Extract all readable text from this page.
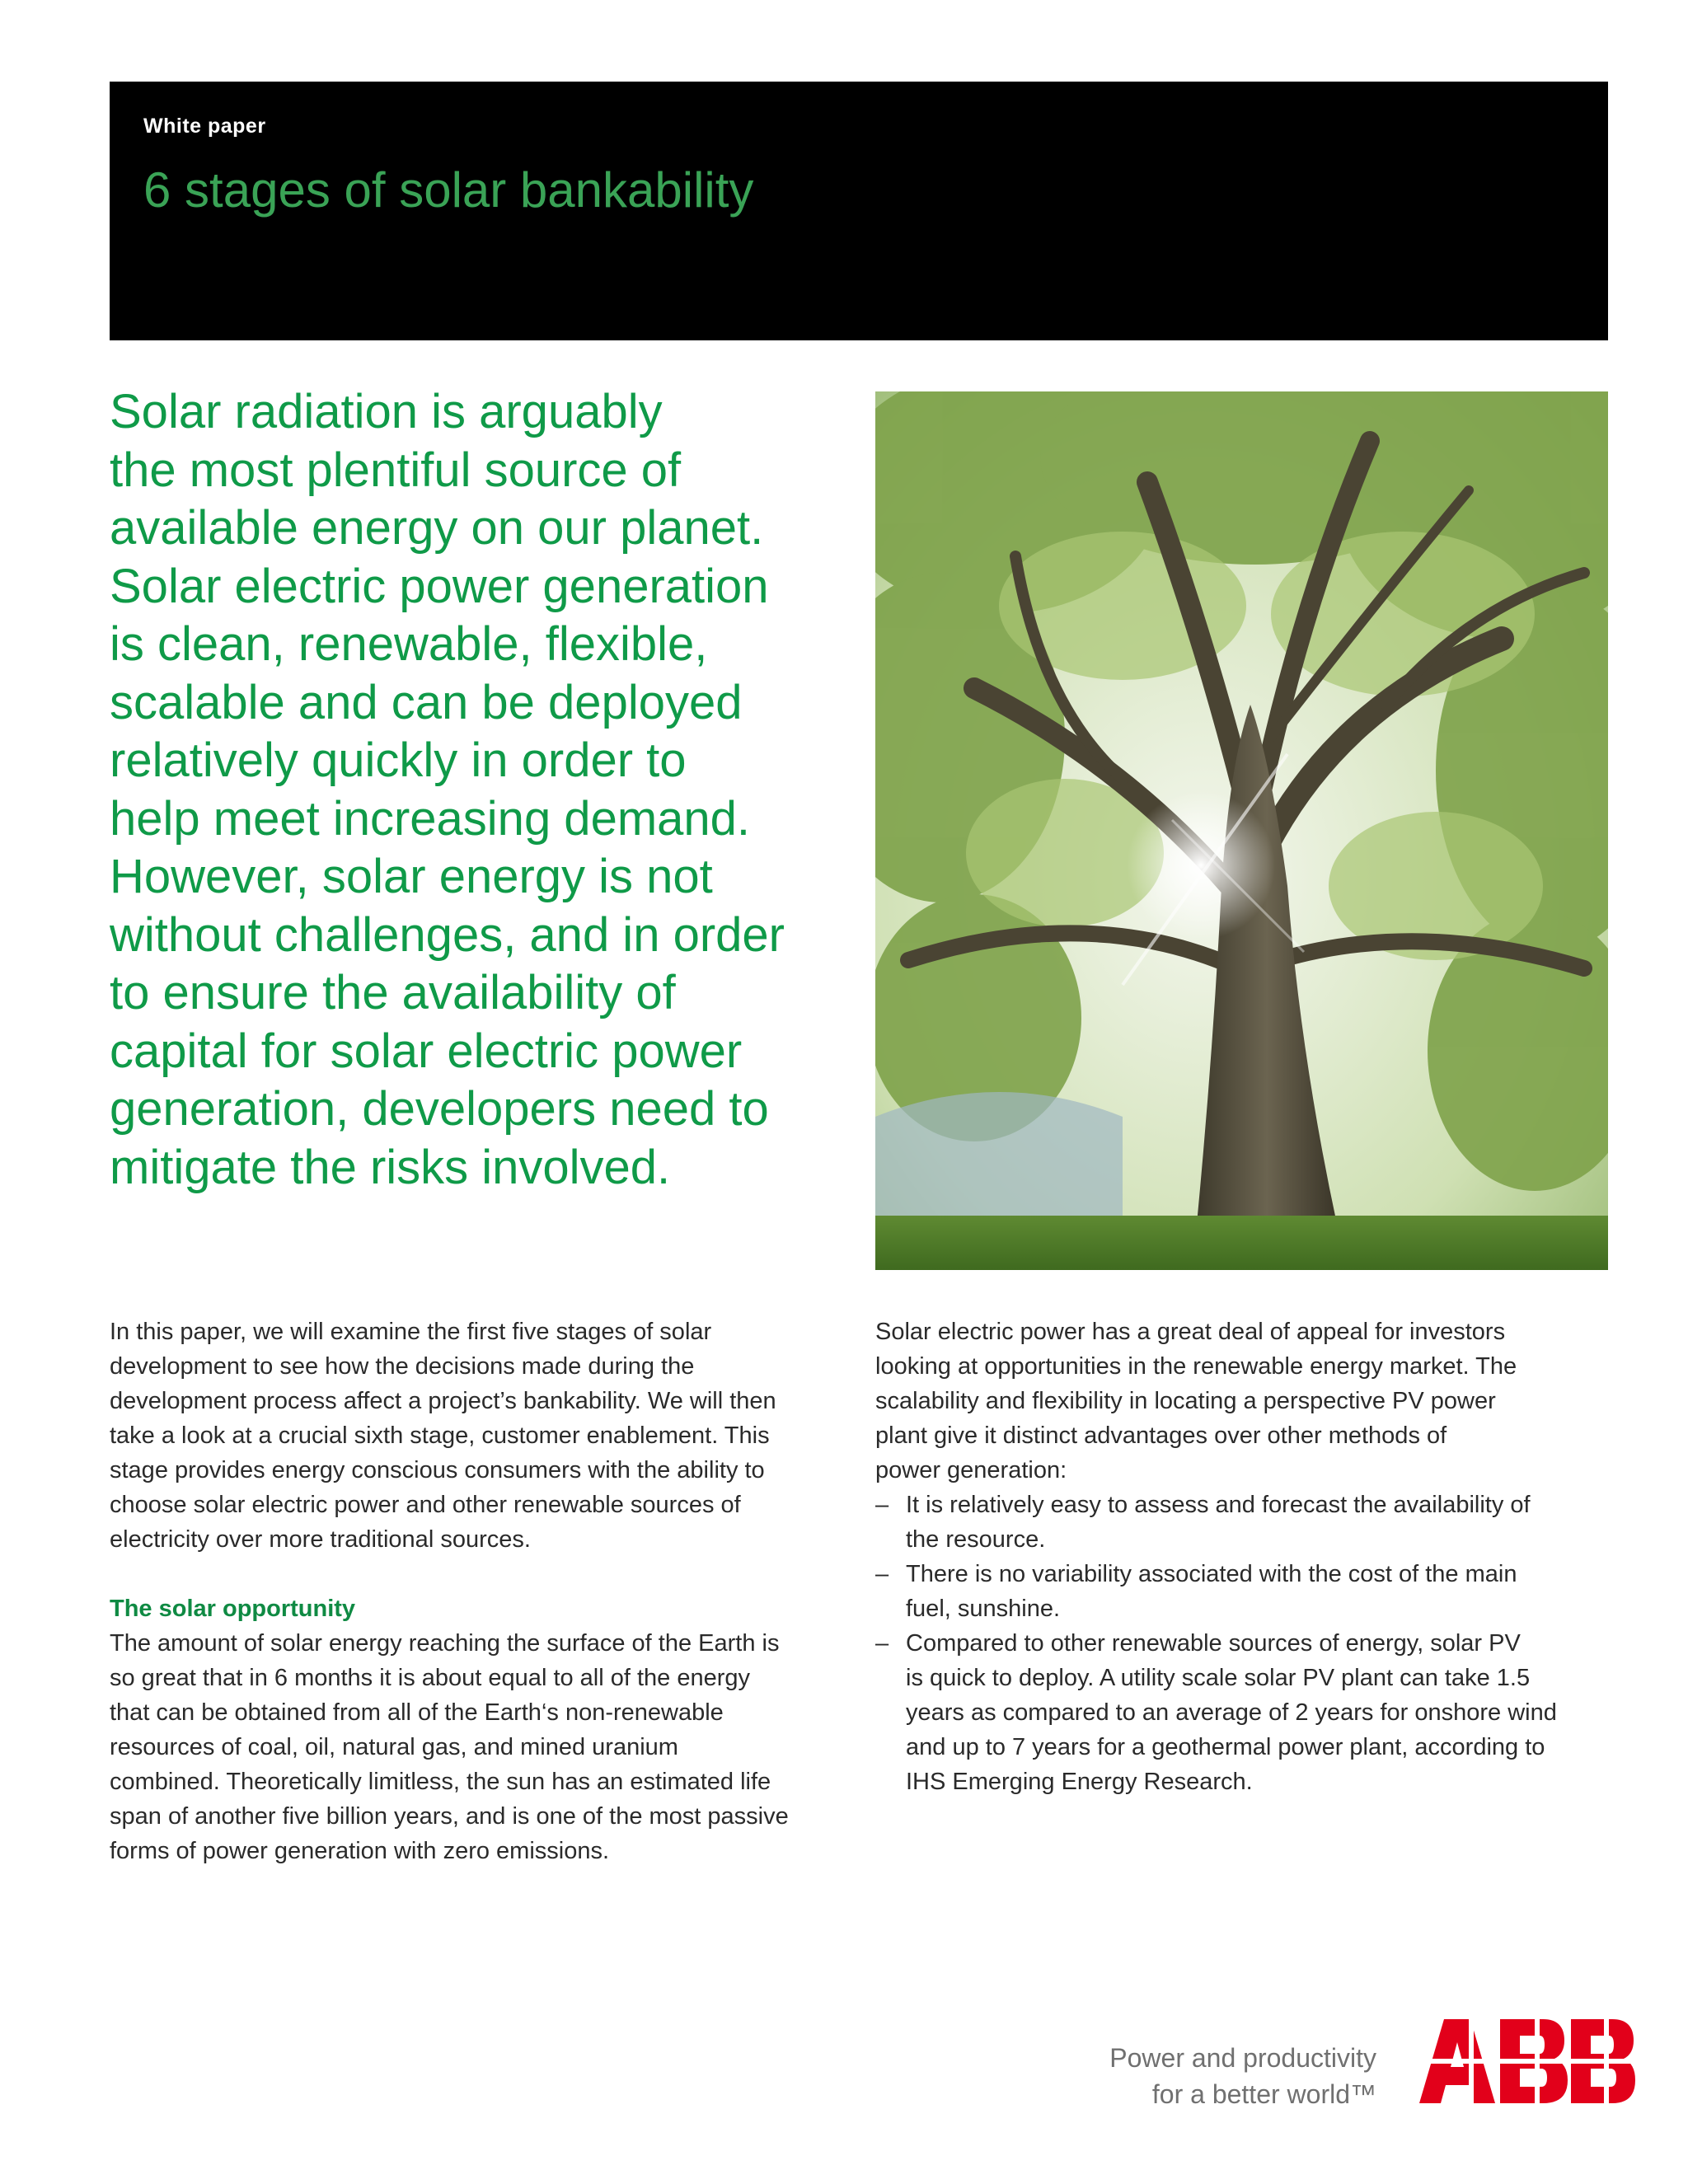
White paper
6 stages of solar bankability
Solar radiation is arguably
the most plentiful source of
available energy on our planet.
Solar electric power generation
is clean, renewable, flexible,
scalable and can be deployed
relatively quickly in order to
help meet increasing demand.
However, solar energy is not
without challenges, and in order
to ensure the availability of
capital for solar electric power
generation, developers need to
mitigate the risks involved.
In this paper, we will examine the first five stages of solar
development to see how the decisions made during the
development process affect a project’s bankability. We will then
take a look at a crucial sixth stage, customer enablement. This
stage provides energy conscious consumers with the ability to
choose solar electric power and other renewable sources of
electricity over more traditional sources.
The solar opportunity
The amount of solar energy reaching the surface of the Earth is
so great that in 6 months it is about equal to all of the energy
that can be obtained from all of the Earth‘s non-renewable
resources of coal, oil, natural gas, and mined uranium
combined. Theoretically limitless, the sun has an estimated life
span of another five billion years, and is one of the most passive
forms of power generation with zero emissions.
Solar electric power has a great deal of appeal for investors
looking at opportunities in the renewable energy market. The
scalability and flexibility in locating a perspective PV power
plant give it distinct advantages over other methods of
power generation:
– It is relatively easy to assess and forecast the availability of
the resource.
– There is no variability associated with the cost of the main
fuel, sunshine.
– Compared to other renewable sources of energy, solar PV
is quick to deploy. A utility scale solar PV plant can take 1.5
years as compared to an average of 2 years for onshore wind
and up to 7 years for a geothermal power plant, according to
IHS Emerging Energy Research.
Power and productivity
for a better world™
